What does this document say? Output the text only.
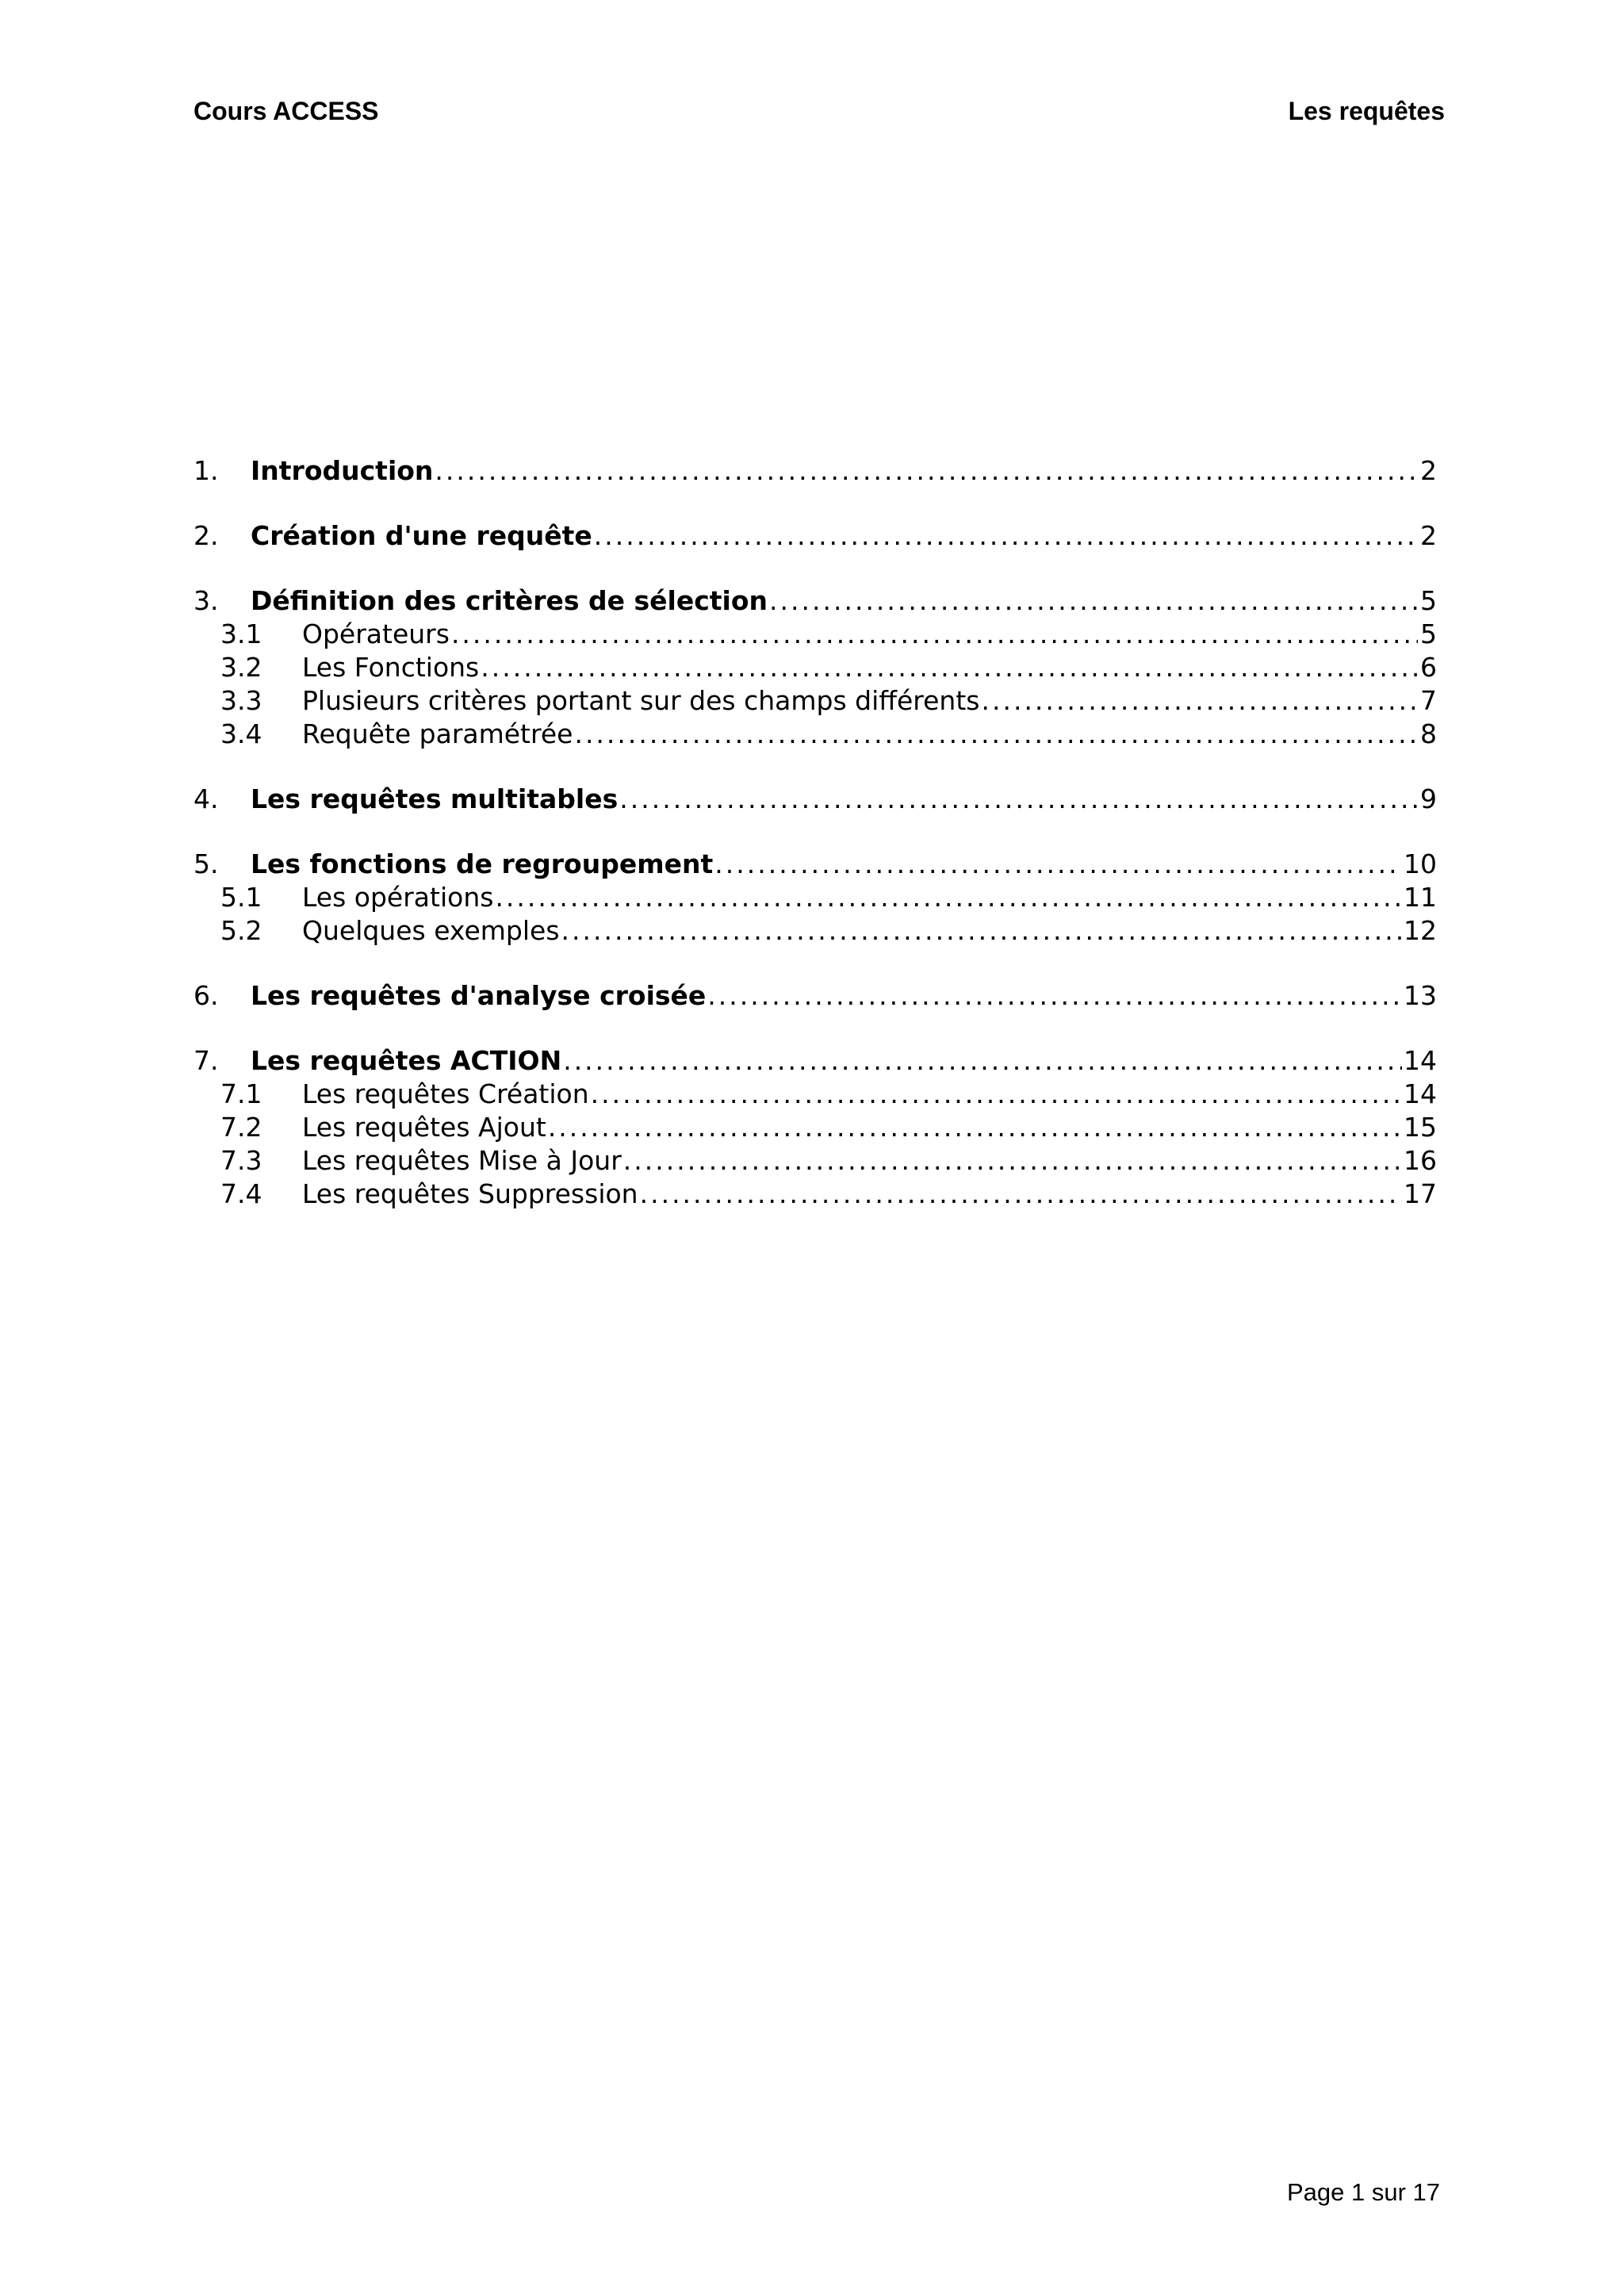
Cours ACCESS	Les requêtes
1.	Introduction .....	2
2.	Création d'une requête .....	2
3.	Définition des critères de sélection .....	5
3.1	Opérateurs .....	5
3.2	Les Fonctions .....	6
3.3	Plusieurs critères portant sur des champs différents .....	7
3.4	Requête paramétrée .....	8
4.	Les requêtes multitables .....	9
5.	Les fonctions de regroupement .....	10
5.1	Les opérations .....	11
5.2	Quelques exemples .....	12
6.	Les requêtes d'analyse croisée .....	13
7.	Les requêtes ACTION .....	14
7.1	Les requêtes Création .....	14
7.2	Les requêtes Ajout .....	15
7.3	Les requêtes Mise à Jour .....	16
7.4	Les requêtes Suppression .....	17
Page 1 sur 17
